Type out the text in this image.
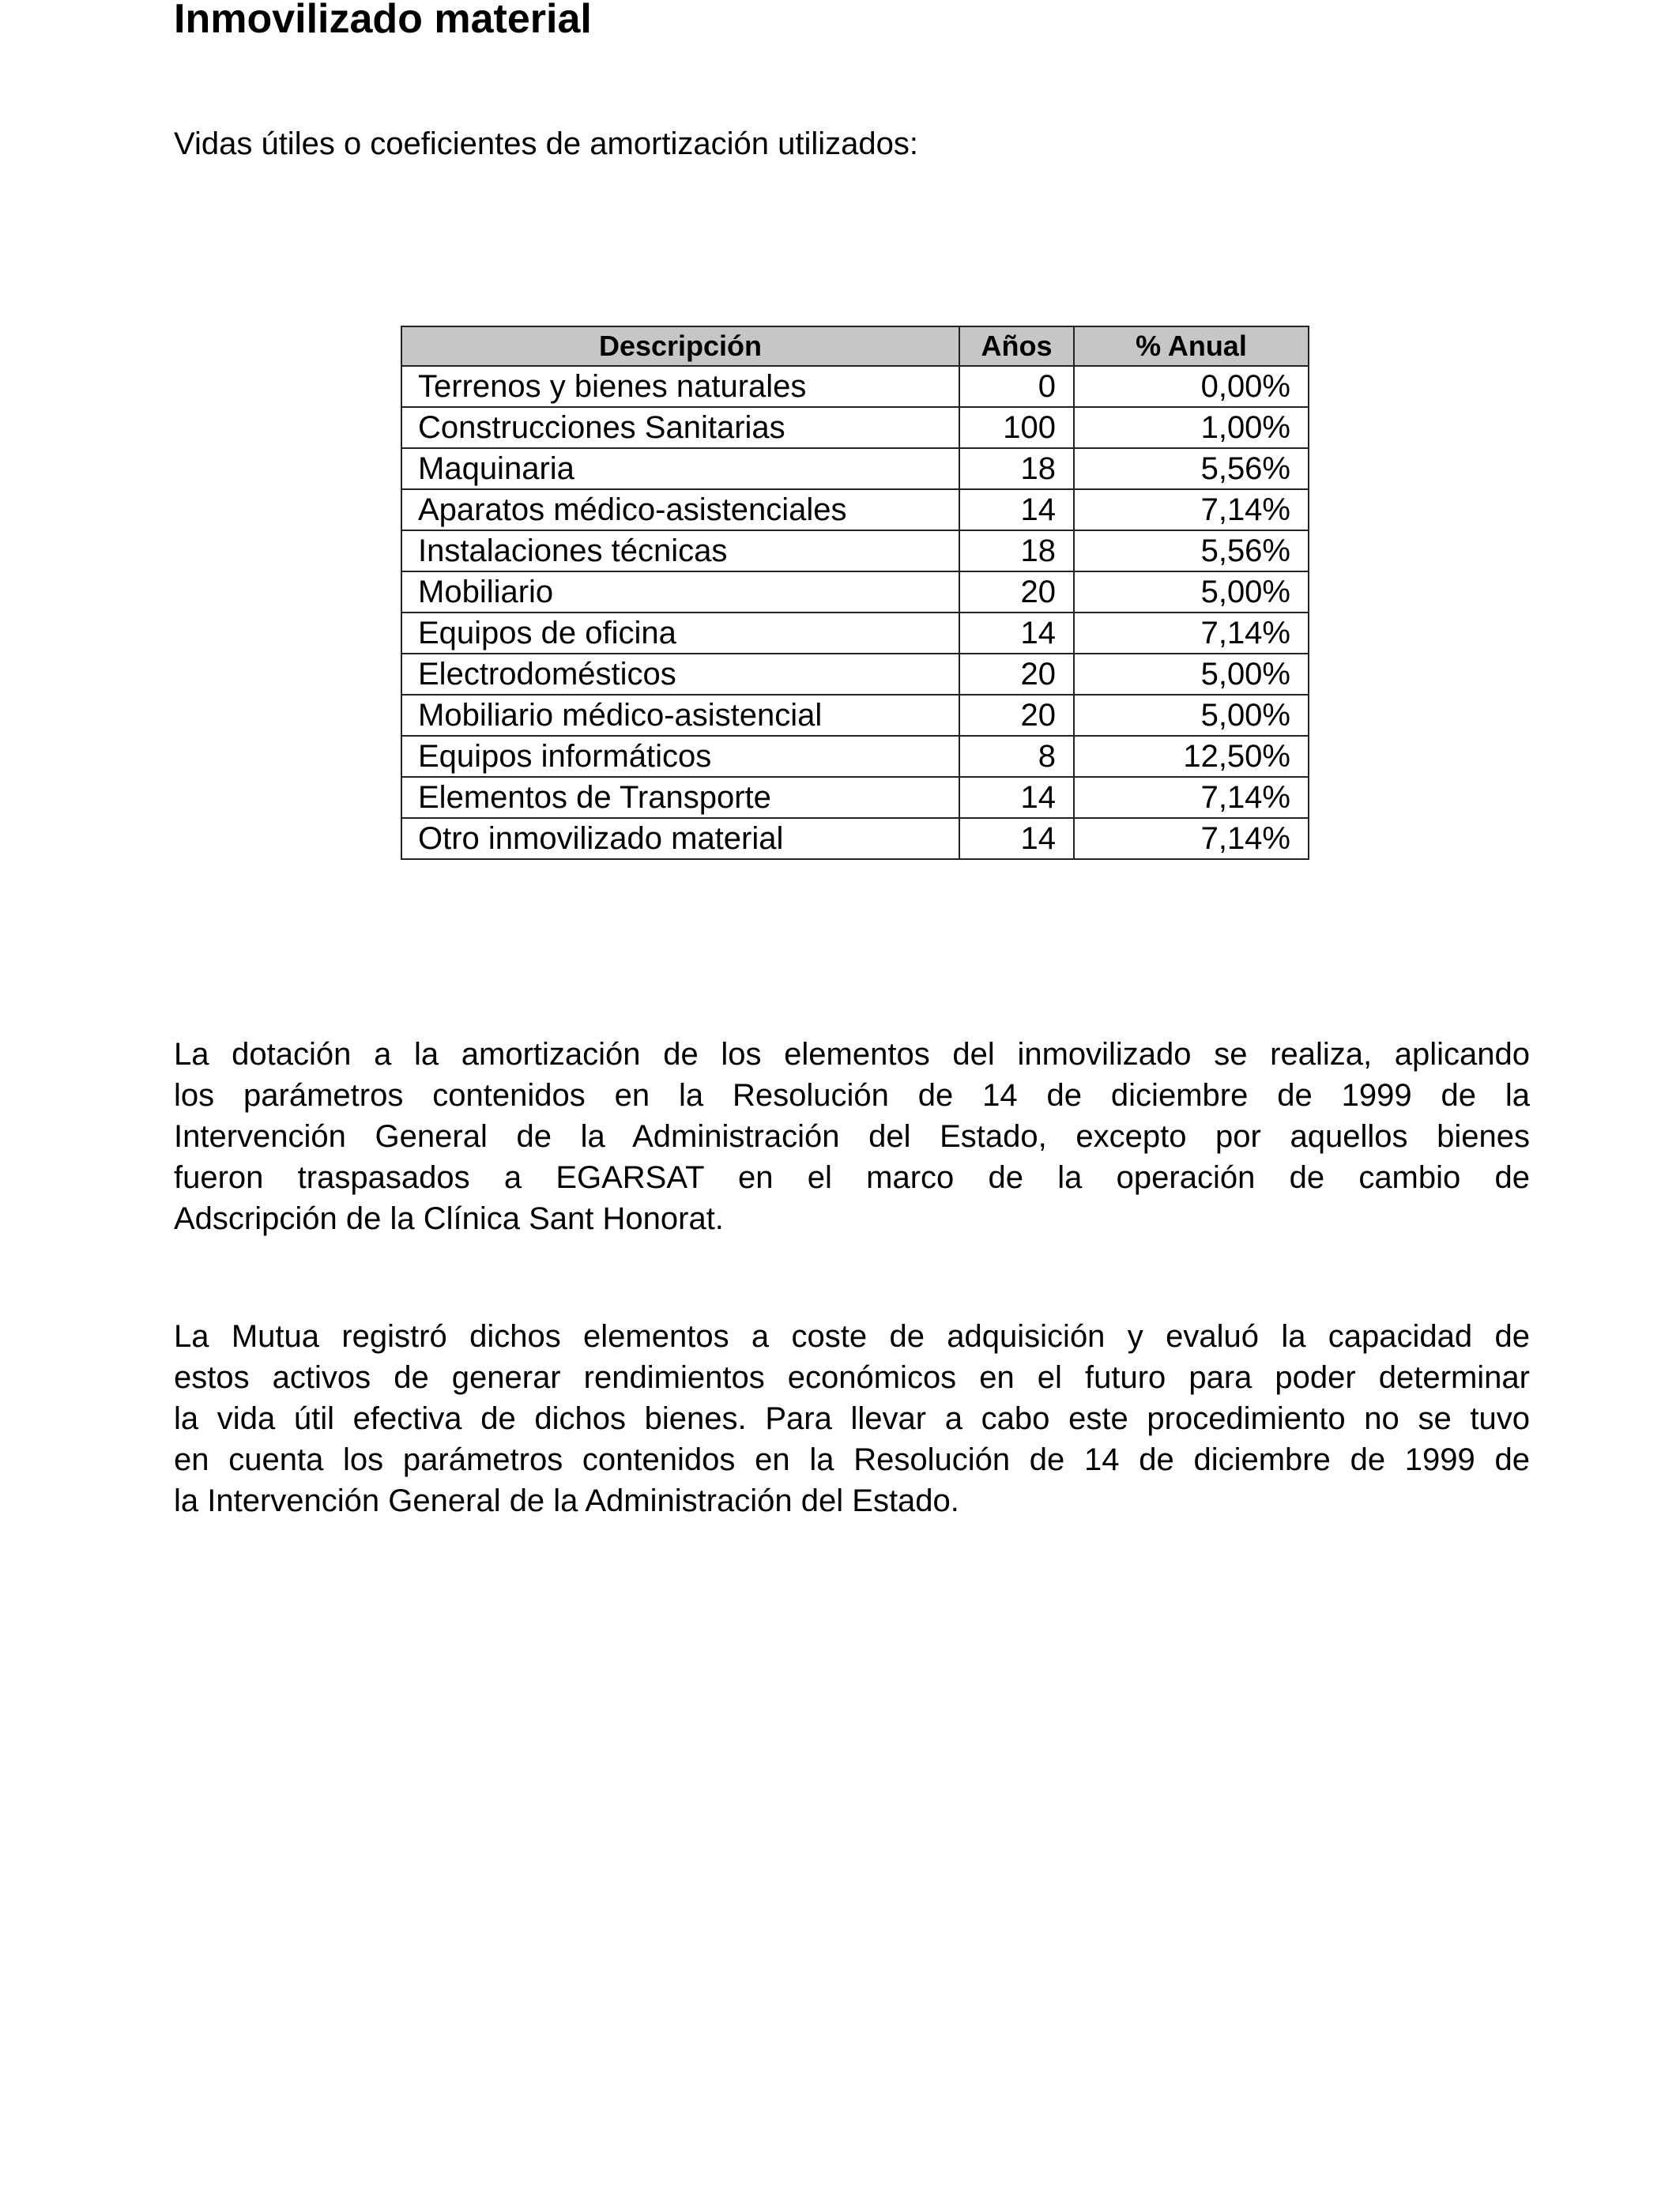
Inmovilizado material

Vidas útiles o coeficientes de amortización utilizados:

Descripción	Años	% Anual
Terrenos y bienes naturales	0	0,00%
Construcciones Sanitarias	100	1,00%
Maquinaria	18	5,56%
Aparatos médico-asistenciales	14	7,14%
Instalaciones técnicas	18	5,56%
Mobiliario	20	5,00%
Equipos de oficina	14	7,14%
Electrodomésticos	20	5,00%
Mobiliario médico-asistencial	20	5,00%
Equipos informáticos	8	12,50%
Elementos de Transporte	14	7,14%
Otro inmovilizado material	14	7,14%
La dotación a la amortización de los elementos del inmovilizado se realiza, aplicando
los parámetros contenidos en la Resolución de 14 de diciembre de 1999 de la
Intervención General de la Administración del Estado, excepto por aquellos bienes
fueron traspasados a EGARSAT en el marco de la operación de cambio de
Adscripción de la Clínica Sant Honorat.
La Mutua registró dichos elementos a coste de adquisición y evaluó la capacidad de
estos activos de generar rendimientos económicos en el futuro para poder determinar
la vida útil efectiva de dichos bienes. Para llevar a cabo este procedimiento no se tuvo
en cuenta los parámetros contenidos en la Resolución de 14 de diciembre de 1999 de
la Intervención General de la Administración del Estado.
